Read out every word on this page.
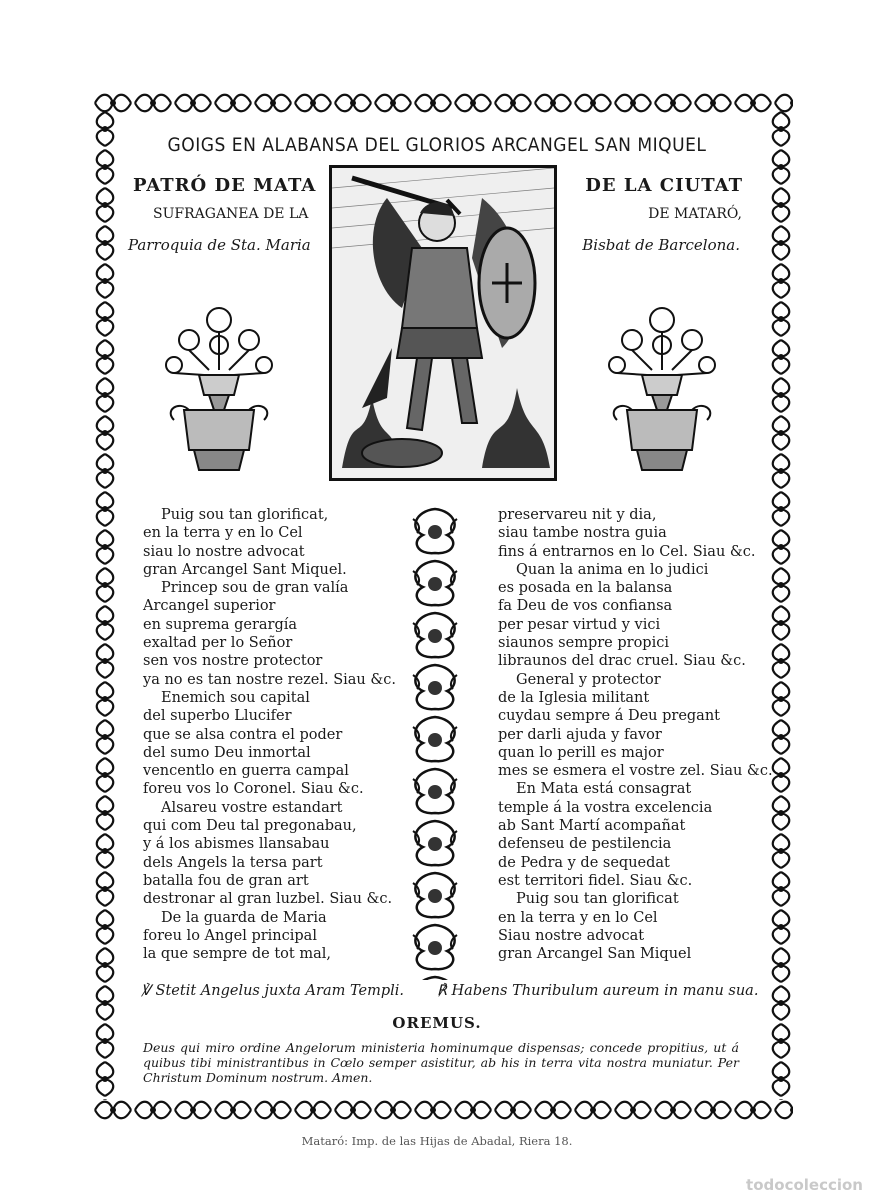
GOIGS EN ALABANSA DEL GLORIOS ARCANGEL SAN MIQUEL
PATRÓ DE MATA	DE LA CIUTAT
SUFRAGANEA DE LA	DE MATARÓ,
Parroquia de Sta. Maria	Bisbat de Barcelona.
Puig sou tan glorificat,
en la terra y en lo Cel
siau lo nostre advocat
gran Arcangel Sant Miquel.
Princep sou de gran valía
Arcangel superior
en suprema gerargía
exaltad per lo Señor
sen vos nostre protector
ya no es tan nostre rezel. Siau &c.
Enemich sou capital
del superbo Llucifer
que se alsa contra el poder
del sumo Deu inmortal
vencentlo en guerra campal
foreu vos lo Coronel. Siau &c.
Alsareu vostre estandart
qui com Deu tal pregonabau,
y á los abismes llansabau
dels Angels la tersa part
batalla fou de gran art
destronar al gran luzbel. Siau &c.
De la guarda de Maria
foreu lo Angel principal
la que sempre de tot mal,
preservareu nit y dia,
siau tambe nostra guia
fins á entrarnos en lo Cel. Siau &c.
Quan la anima en lo judici
es posada en la balansa
fa Deu de vos confiansa
per pesar virtud y vici
siaunos sempre propici
libraunos del drac cruel. Siau &c.
General y protector
de la Iglesia militant
cuydau sempre á Deu pregant
per darli ajuda y favor
quan lo perill es major
mes se esmera el vostre zel. Siau &c.
En Mata está consagrat
temple á la vostra excelencia
ab Sant Martí acompañat
defenseu de pestilencia
de Pedra y de sequedat
est territori fidel. Siau &c.
Puig sou tan glorificat
en la terra y en lo Cel
Siau nostre advocat
gran Arcangel San Miquel
℣ Stetit Angelus juxta Aram Templi. ℟ Habens Thuribulum aureum in manu sua.
OREMUS.
Deus qui miro ordine Angelorum ministeria hominumque dispensas; concede propitius, ut á quibus tibi ministrantibus in Cœlo semper asistitur, ab his in terra vita nostra muniatur. Per Christum Dominum nostrum. Amen.
Mataró: Imp. de las Hijas de Abadal, Riera 18.
todocoleccion
